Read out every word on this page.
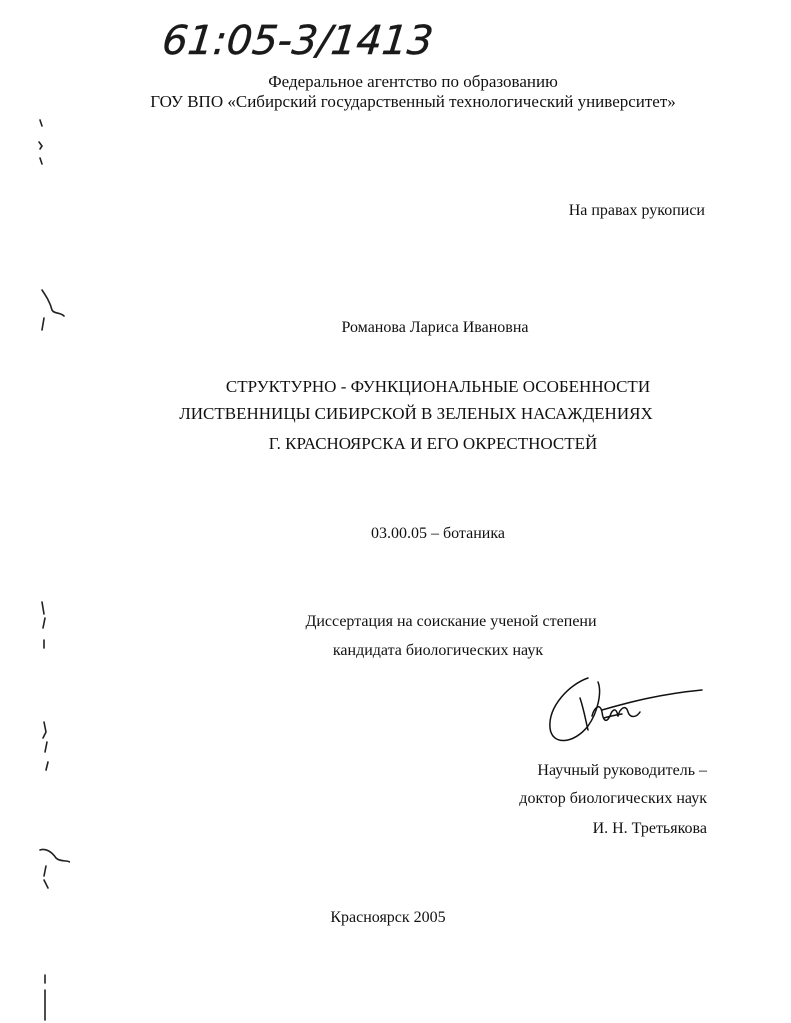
61:05-3/1413
Федеральное агентство по образованию
ГОУ ВПО «Сибирский государственный технологический университет»
На правах рукописи
Романова Лариса Ивановна
СТРУКТУРНО - ФУНКЦИОНАЛЬНЫЕ ОСОБЕННОСТИ
ЛИСТВЕННИЦЫ СИБИРСКОЙ В ЗЕЛЕНЫХ НАСАЖДЕНИЯХ
Г. КРАСНОЯРСКА И ЕГО ОКРЕСТНОСТЕЙ
03.00.05 – ботаника
Диссертация на соискание ученой степени
кандидата биологических наук
Научный руководитель –
доктор биологических наук
И. Н. Третьякова
Красноярск 2005
